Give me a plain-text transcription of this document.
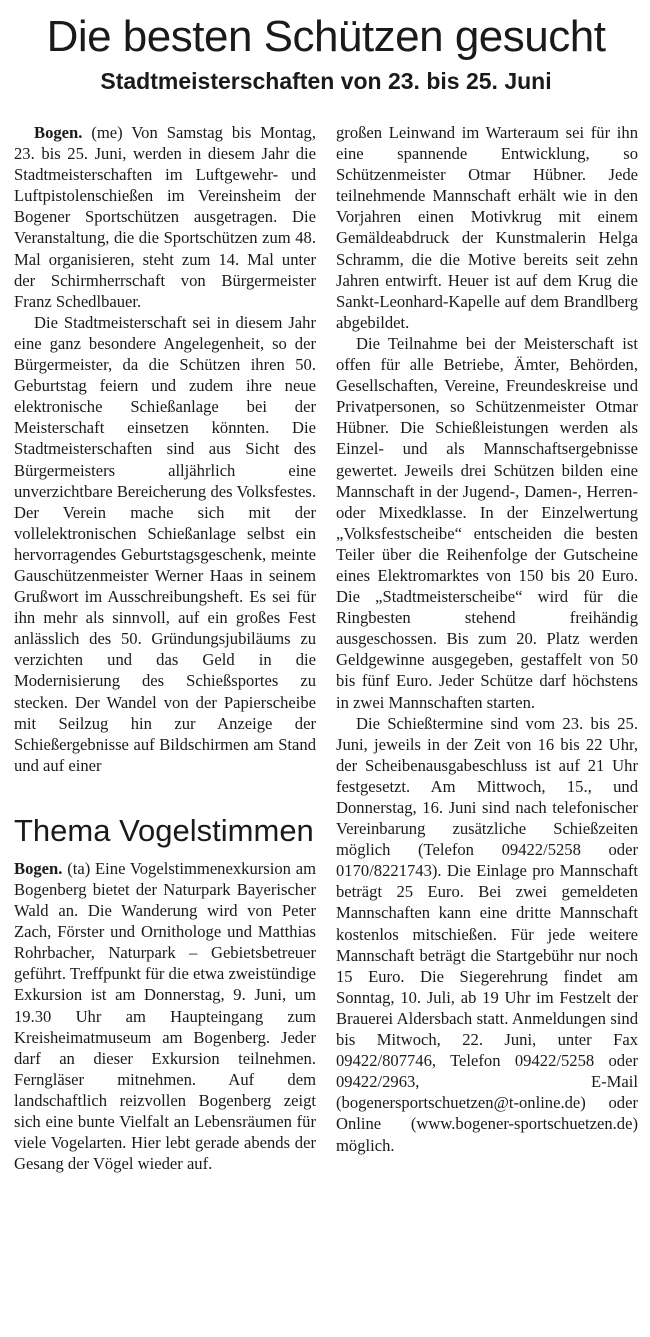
Die besten Schützen gesucht
Stadtmeisterschaften von 23. bis 25. Juni

Bogen. (me) Von Samstag bis Montag, 23. bis 25. Juni, werden in diesem Jahr die Stadtmeisterschaften im Luftgewehr- und Luftpistolenschießen im Vereinsheim der Bogener Sportschützen ausgetragen. Die Veranstaltung, die die Sportschützen zum 48. Mal organisieren, steht zum 14. Mal unter der Schirmherrschaft von Bürgermeister Franz Schedlbauer.

Die Stadtmeisterschaft sei in diesem Jahr eine ganz besondere Angelegenheit, so der Bürgermeister, da die Schützen ihren 50. Geburtstag feiern und zudem ihre neue elektronische Schießanlage bei der Meisterschaft einsetzen könnten. Die Stadtmeisterschaften sind aus Sicht des Bürgermeisters alljährlich eine unverzichtbare Bereicherung des Volksfestes. Der Verein mache sich mit der vollelektronischen Schießanlage selbst ein hervorragendes Geburtstagsgeschenk, meinte Gauschützenmeister Werner Haas in seinem Grußwort im Ausschreibungsheft. Es sei für ihn mehr als sinnvoll, auf ein großes Fest anlässlich des 50. Gründungsjubiläums zu verzichten und das Geld in die Modernisierung des Schießsportes zu stecken. Der Wandel von der Papierscheibe mit Seilzug hin zur Anzeige der Schießergebnisse auf Bildschirmen am Stand und auf einer

Thema Vogelstimmen

Bogen. (ta) Eine Vogelstimmenexkursion am Bogenberg bietet der Naturpark Bayerischer Wald an. Die Wanderung wird von Peter Zach, Förster und Ornithologe und Matthias Rohrbacher, Naturpark – Gebietsbetreuer geführt. Treffpunkt für die etwa zweistündige Exkursion ist am Donnerstag, 9. Juni, um 19.30 Uhr am Haupteingang zum Kreisheimatmuseum am Bogenberg. Jeder darf an dieser Exkursion teilnehmen. Ferngläser mitnehmen. Auf dem landschaftlich reizvollen Bogenberg zeigt sich eine bunte Vielfalt an Lebensräumen für viele Vogelarten. Hier lebt gerade abends der Gesang der Vögel wieder auf.

großen Leinwand im Warteraum sei für ihn eine spannende Entwicklung, so Schützenmeister Otmar Hübner. Jede teilnehmende Mannschaft erhält wie in den Vorjahren einen Motivkrug mit einem Gemäldeabdruck der Kunstmalerin Helga Schramm, die die Motive bereits seit zehn Jahren entwirft. Heuer ist auf dem Krug die Sankt-Leonhard-Kapelle auf dem Brandlberg abgebildet.

Die Teilnahme bei der Meisterschaft ist offen für alle Betriebe, Ämter, Behörden, Gesellschaften, Vereine, Freundeskreise und Privatpersonen, so Schützenmeister Otmar Hübner. Die Schießleistungen werden als Einzel- und als Mannschaftsergebnisse gewertet. Jeweils drei Schützen bilden eine Mannschaft in der Jugend-, Damen-, Herren- oder Mixedklasse. In der Einzelwertung „Volksfestscheibe“ entscheiden die besten Teiler über die Reihenfolge der Gutscheine eines Elektromarktes von 150 bis 20 Euro. Die „Stadtmeisterscheibe“ wird für die Ringbesten stehend freihändig ausgeschossen. Bis zum 20. Platz werden Geldgewinne ausgegeben, gestaffelt von 50 bis fünf Euro. Jeder Schütze darf höchstens in zwei Mannschaften starten.

Die Schießtermine sind vom 23. bis 25. Juni, jeweils in der Zeit von 16 bis 22 Uhr, der Scheibenausgabeschluss ist auf 21 Uhr festgesetzt. Am Mittwoch, 15., und Donnerstag, 16. Juni sind nach telefonischer Vereinbarung zusätzliche Schießzeiten möglich (Telefon 09422/5258 oder 0170/8221743). Die Einlage pro Mannschaft beträgt 25 Euro. Bei zwei gemeldeten Mannschaften kann eine dritte Mannschaft kostenlos mitschießen. Für jede weitere Mannschaft beträgt die Startgebühr nur noch 15 Euro. Die Siegerehrung findet am Sonntag, 10. Juli, ab 19 Uhr im Festzelt der Brauerei Aldersbach statt. Anmeldungen sind bis Mitwoch, 22. Juni, unter Fax 09422/807746, Telefon 09422/5258 oder 09422/2963, E-Mail (bogenersportschuetzen@t-online.de) oder Online (www.bogener-sportschuetzen.de) möglich.
